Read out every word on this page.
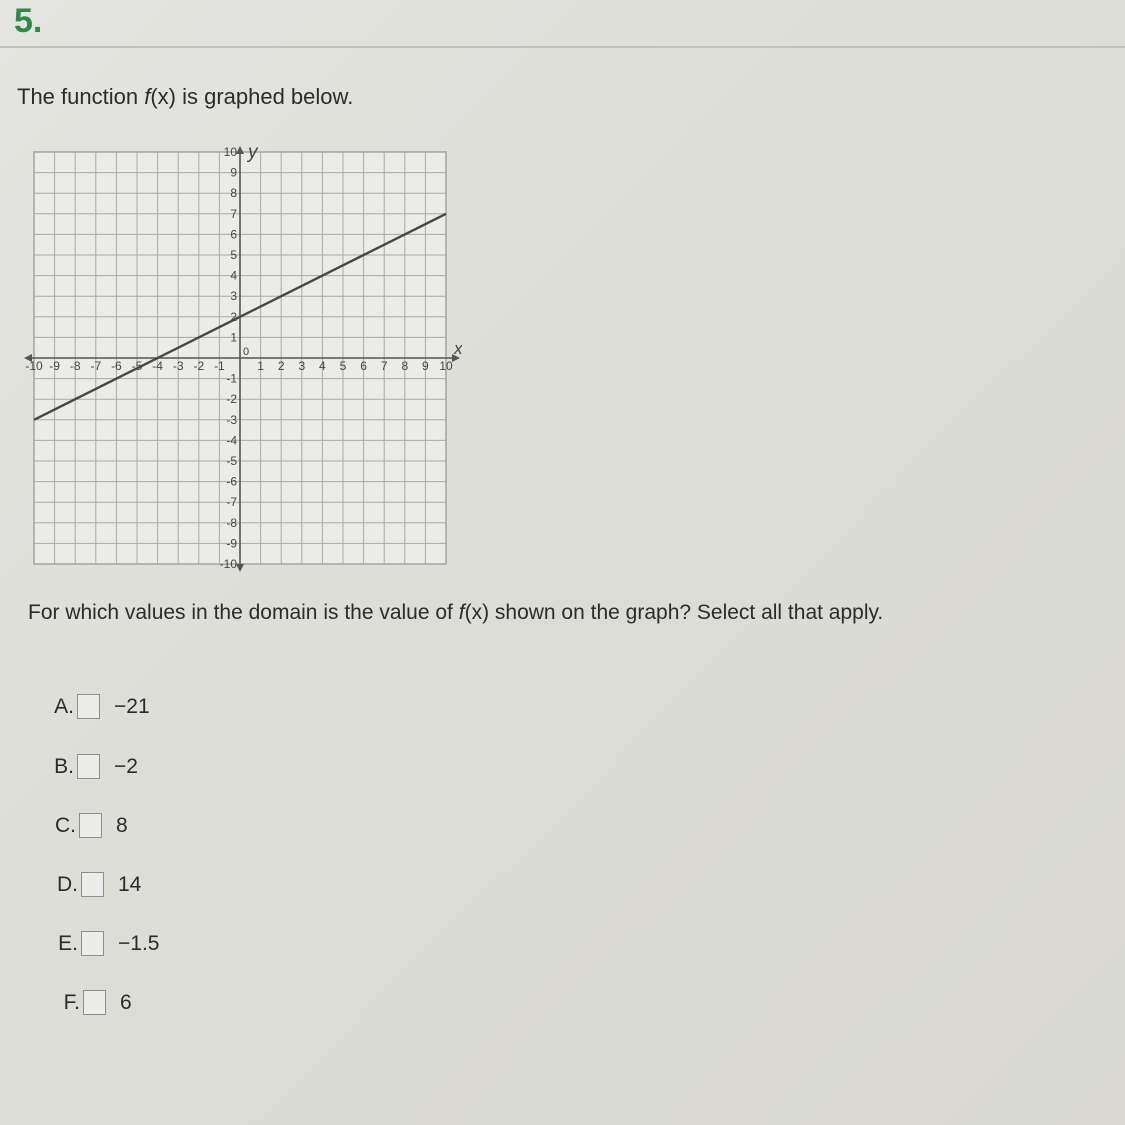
5.
The function f(x) is graphed below.
-10 -9 -8 -7 -6 -5 -4 -3 -2 -1	1 2 3 4 5 6 7 8 9 10
10
9
8
7
6
5
4
3
2
1
-1
-2
-3
-4
-5
-6
-7
-8
-9
-10
0	x
y
For which values in the domain is the value of f(x) shown on the graph? Select all that apply.
A. −21
B. −2
C. 8
D. 14
E. −1.5
F. 6
